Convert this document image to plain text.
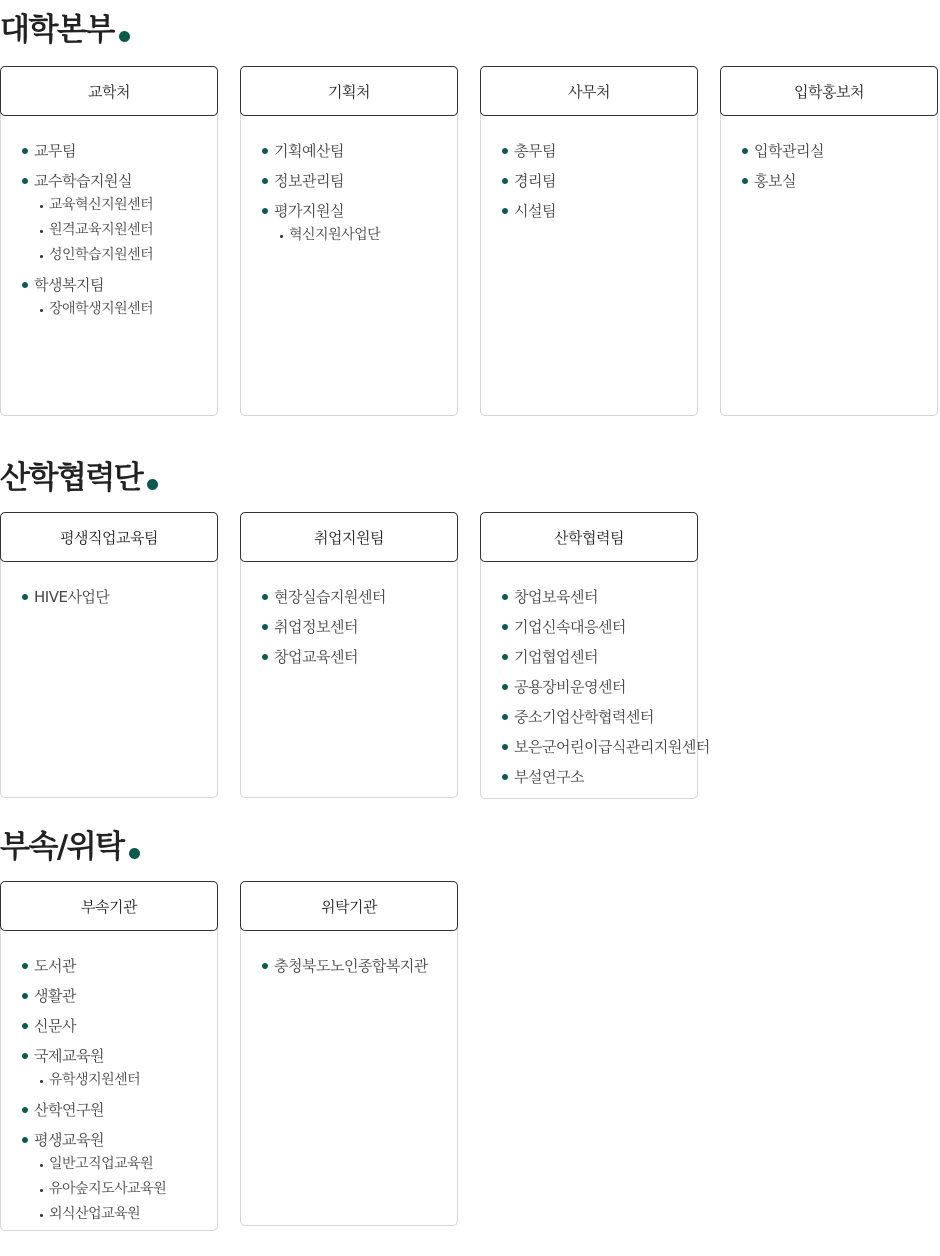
대학본부
교학처
교무팀
교수학습지원실
교육혁신지원센터
원격교육지원센터
성인학습지원센터
학생복지팀
장애학생지원센터
기획처
기획예산팀
정보관리팀
평가지원실
혁신지원사업단
사무처
총무팀
경리팀
시설팀
입학홍보처
입학관리실
홍보실
산학협력단
평생직업교육팀
HIVE사업단
취업지원팀
현장실습지원센터
취업정보센터
창업교육센터
산학협력팀
창업보육센터
기업신속대응센터
기업협업센터
공용장비운영센터
중소기업산학협력센터
보은군어린이급식관리지원센터
부설연구소
부속/위탁
부속기관
도서관
생활관
신문사
국제교육원
유학생지원센터
산학연구원
평생교육원
일반고직업교육원
유아숲지도사교육원
외식산업교육원
위탁기관
충청북도노인종합복지관
